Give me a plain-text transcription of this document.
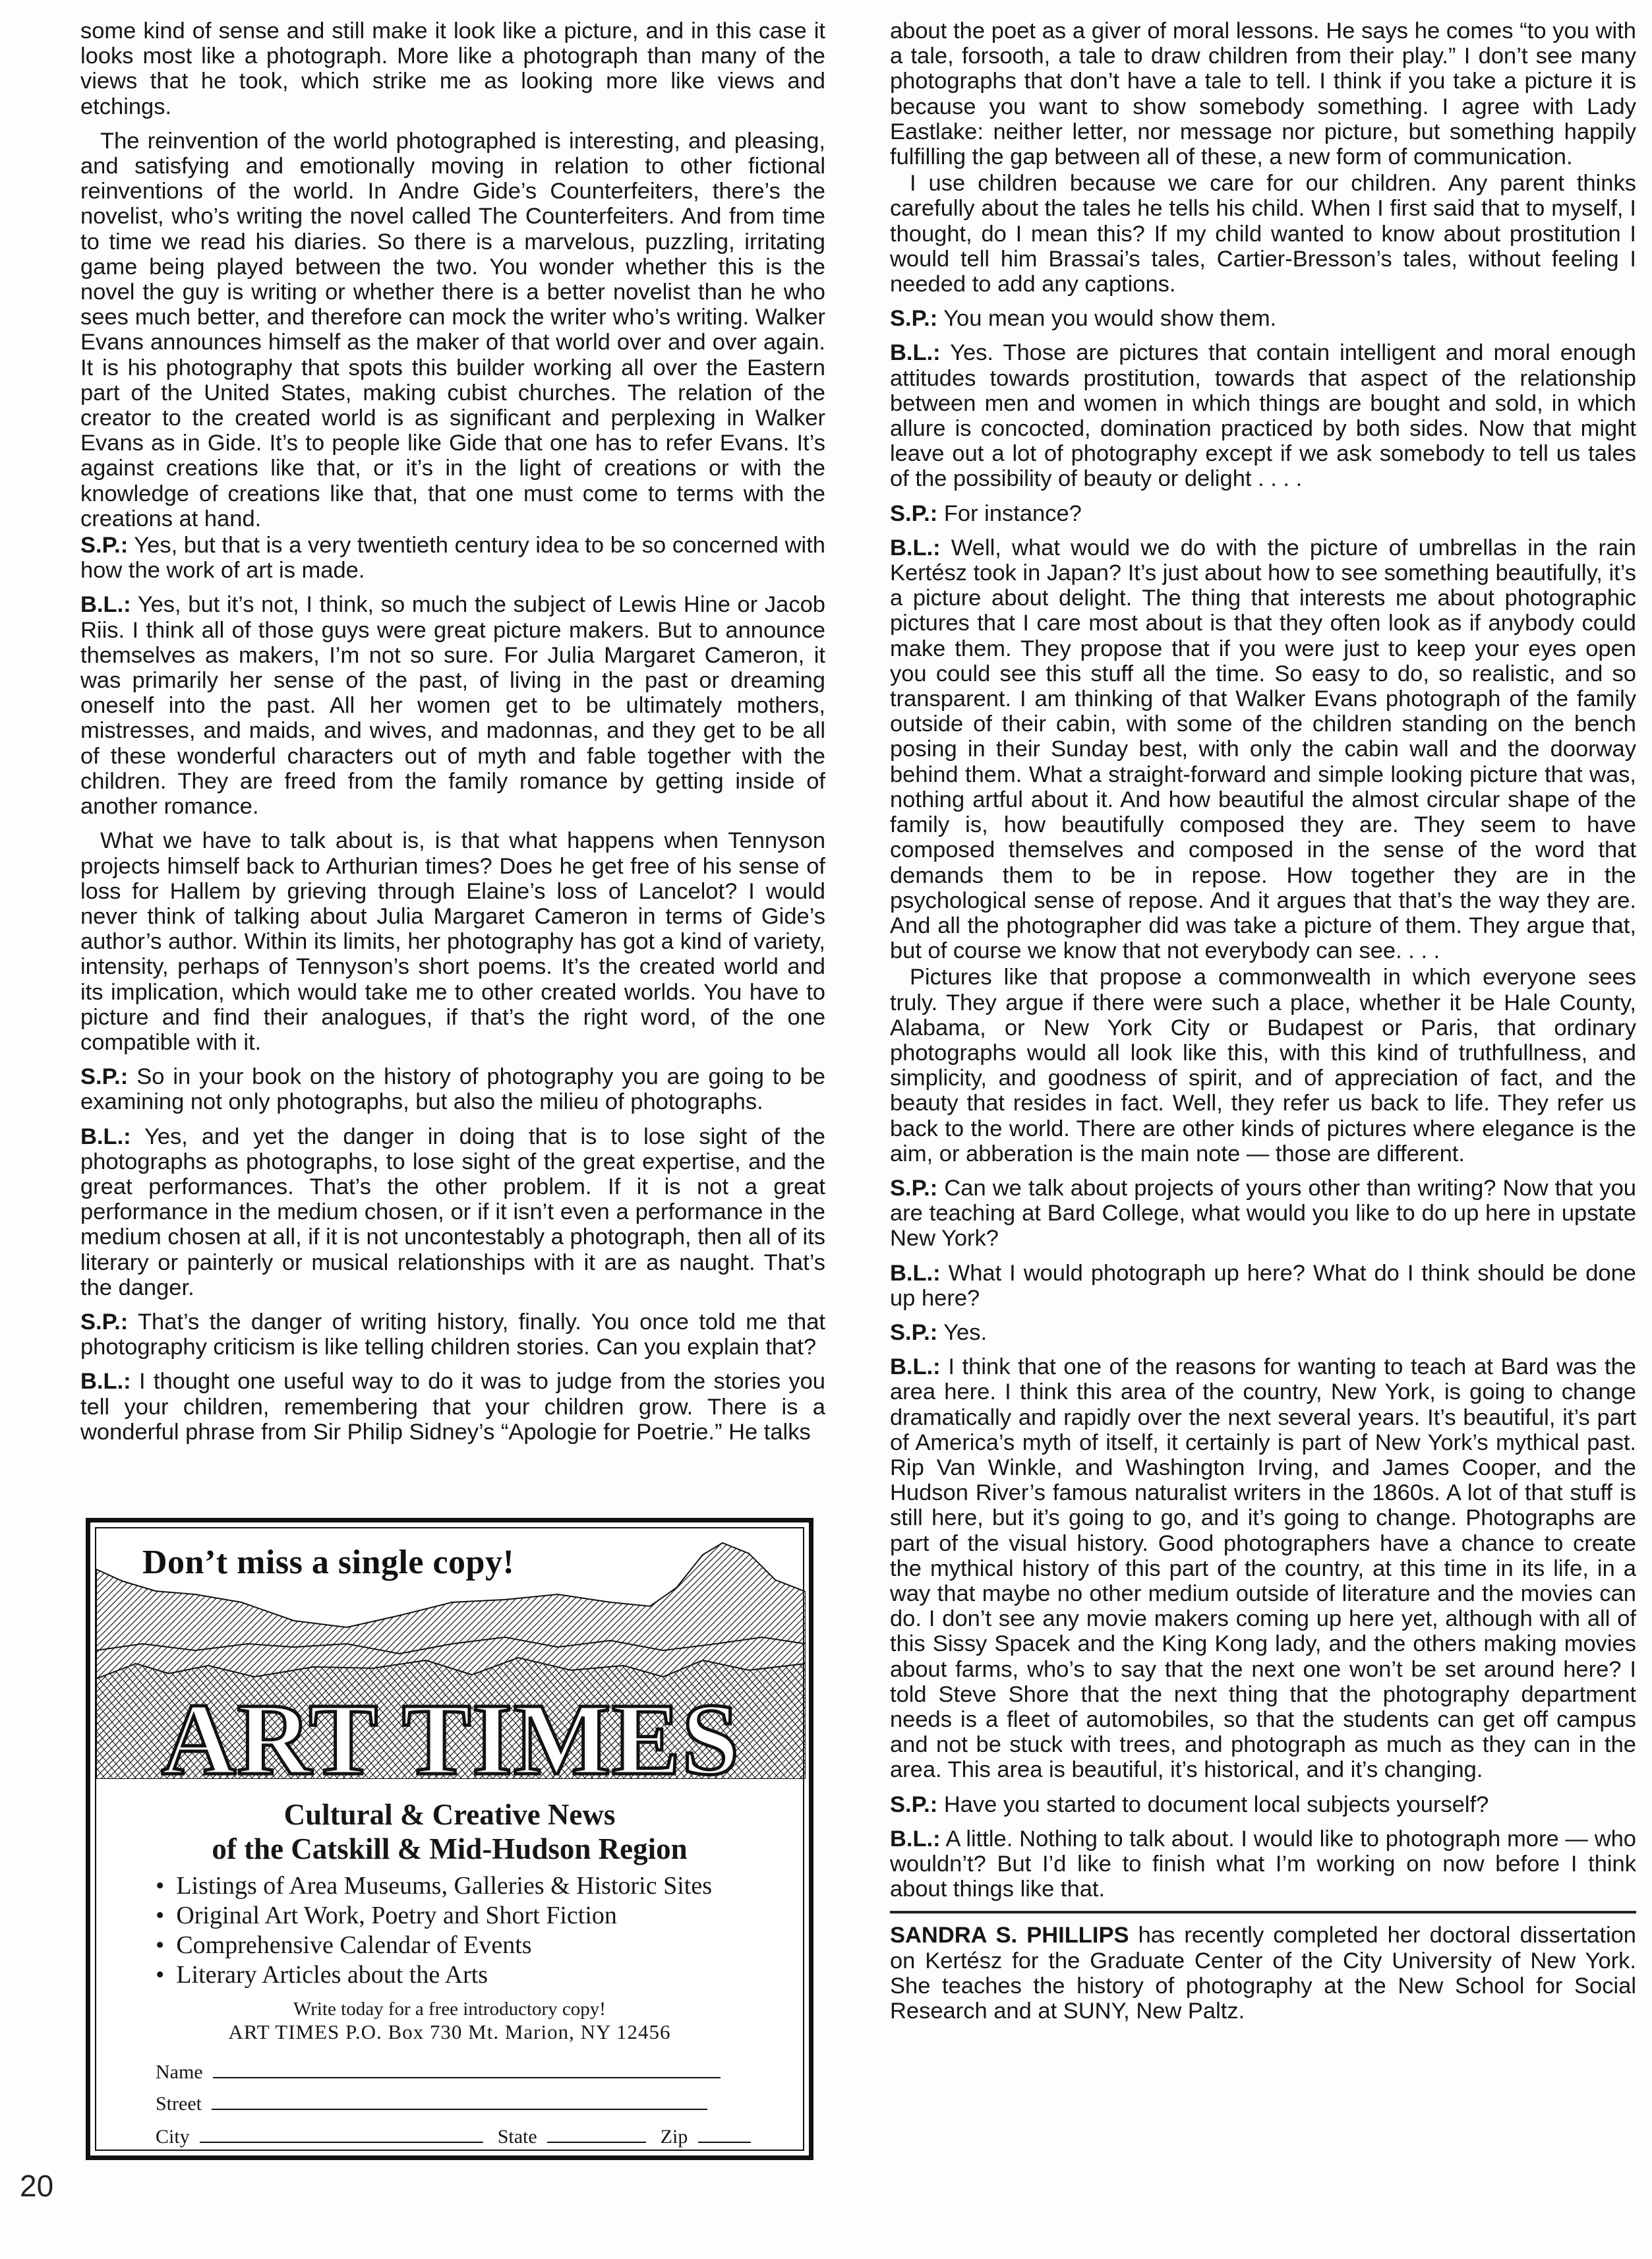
some kind of sense and still make it look like a picture, and in this case it looks most like a photograph. More like a photograph than many of the views that he took, which strike me as looking more like views and etchings.

The reinvention of the world photographed is interesting, and pleasing, and satisfying and emotionally moving in relation to other fictional reinventions of the world. In Andre Gide’s Counterfeiters, there’s the novelist, who’s writing the novel called The Counterfeiters. And from time to time we read his diaries. So there is a marvelous, puzzling, irritating game being played between the two. You wonder whether this is the novel the guy is writing or whether there is a better novelist than he who sees much better, and therefore can mock the writer who’s writing. Walker Evans announces himself as the maker of that world over and over again. It is his photography that spots this builder working all over the Eastern part of the United States, making cubist churches. The relation of the creator to the created world is as significant and perplexing in Walker Evans as in Gide. It’s to people like Gide that one has to refer Evans. It’s against creations like that, or it’s in the light of creations or with the knowledge of creations like that, that one must come to terms with the creations at hand.

S.P.: Yes, but that is a very twentieth century idea to be so concerned with how the work of art is made.

B.L.: Yes, but it’s not, I think, so much the subject of Lewis Hine or Jacob Riis. I think all of those guys were great picture makers. But to announce themselves as makers, I’m not so sure. For Julia Margaret Cameron, it was primarily her sense of the past, of living in the past or dreaming oneself into the past. All her women get to be ultimately mothers, mistresses, and maids, and wives, and madonnas, and they get to be all of these wonderful characters out of myth and fable together with the children. They are freed from the family romance by getting inside of another romance.

What we have to talk about is, is that what happens when Tennyson projects himself back to Arthurian times? Does he get free of his sense of loss for Hallem by grieving through Elaine’s loss of Lancelot? I would never think of talking about Julia Margaret Cameron in terms of Gide’s author’s author. Within its limits, her photography has got a kind of variety, intensity, perhaps of Tennyson’s short poems. It’s the created world and its implication, which would take me to other created worlds. You have to picture and find their analogues, if that’s the right word, of the one compatible with it.

S.P.: So in your book on the history of photography you are going to be examining not only photographs, but also the milieu of photographs.

B.L.: Yes, and yet the danger in doing that is to lose sight of the photographs as photographs, to lose sight of the great expertise, and the great performances. That’s the other problem. If it is not a great performance in the medium chosen, or if it isn’t even a performance in the medium chosen at all, if it is not uncontestably a photograph, then all of its literary or painterly or musical relationships with it are as naught. That’s the danger.

S.P.: That’s the danger of writing history, finally. You once told me that photography criticism is like telling children stories. Can you explain that?

B.L.: I thought one useful way to do it was to judge from the stories you tell your children, remembering that your children grow. There is a wonderful phrase from Sir Philip Sidney’s “Apologie for Poetrie.” He talks

about the poet as a giver of moral lessons. He says he comes “to you with a tale, forsooth, a tale to draw children from their play.” I don’t see many photographs that don’t have a tale to tell. I think if you take a picture it is because you want to show somebody something. I agree with Lady Eastlake: neither letter, nor message nor picture, but something happily fulfilling the gap between all of these, a new form of communication.

I use children because we care for our children. Any parent thinks carefully about the tales he tells his child. When I first said that to myself, I thought, do I mean this? If my child wanted to know about prostitution I would tell him Brassai’s tales, Cartier-Bresson’s tales, without feeling I needed to add any captions.

S.P.: You mean you would show them.

B.L.: Yes. Those are pictures that contain intelligent and moral enough attitudes towards prostitution, towards that aspect of the relationship between men and women in which things are bought and sold, in which allure is concocted, domination practiced by both sides. Now that might leave out a lot of photography except if we ask somebody to tell us tales of the possibility of beauty or delight . . . .

S.P.: For instance?

B.L.: Well, what would we do with the picture of umbrellas in the rain Kertész took in Japan? It’s just about how to see something beautifully, it’s a picture about delight. The thing that interests me about photographic pictures that I care most about is that they often look as if anybody could make them. They propose that if you were just to keep your eyes open you could see this stuff all the time. So easy to do, so realistic, and so transparent. I am thinking of that Walker Evans photograph of the family outside of their cabin, with some of the children standing on the bench posing in their Sunday best, with only the cabin wall and the doorway behind them. What a straight-forward and simple looking picture that was, nothing artful about it. And how beautiful the almost circular shape of the family is, how beautifully composed they are. They seem to have composed themselves and composed in the sense of the word that demands them to be in repose. How together they are in the psychological sense of repose. And it argues that that’s the way they are. And all the photographer did was take a picture of them. They argue that, but of course we know that not everybody can see. . . .

Pictures like that propose a commonwealth in which everyone sees truly. They argue if there were such a place, whether it be Hale County, Alabama, or New York City or Budapest or Paris, that ordinary photographs would all look like this, with this kind of truthfullness, and simplicity, and goodness of spirit, and of appreciation of fact, and the beauty that resides in fact. Well, they refer us back to life. They refer us back to the world. There are other kinds of pictures where elegance is the aim, or abberation is the main note — those are different.

S.P.: Can we talk about projects of yours other than writing? Now that you are teaching at Bard College, what would you like to do up here in upstate New York?

B.L.: What I would photograph up here? What do I think should be done up here?

S.P.: Yes.

B.L.: I think that one of the reasons for wanting to teach at Bard was the area here. I think this area of the country, New York, is going to change dramatically and rapidly over the next several years. It’s beautiful, it’s part of America’s myth of itself, it certainly is part of New York’s mythical past. Rip Van Winkle, and Washington Irving, and James Cooper, and the Hudson River’s famous naturalist writers in the 1860s. A lot of that stuff is still here, but it’s going to go, and it’s going to change. Photographs are part of the visual history. Good photographers have a chance to create the mythical history of this part of the country, at this time in its life, in a way that maybe no other medium outside of literature and the movies can do. I don’t see any movie makers coming up here yet, although with all of this Sissy Spacek and the King Kong lady, and the others making movies about farms, who’s to say that the next one won’t be set around here? I told Steve Shore that the next thing that the photography department needs is a fleet of automobiles, so that the students can get off campus and not be stuck with trees, and photograph as much as they can in the area. This area is beautiful, it’s historical, and it’s changing.

S.P.: Have you started to document local subjects yourself?

B.L.: A little. Nothing to talk about. I would like to photograph more — who wouldn’t? But I’d like to finish what I’m working on now before I think about things like that.

SANDRA S. PHILLIPS has recently completed her doctoral dissertation on Kertész for the Graduate Center of the City University of New York. She teaches the history of photography at the New School for Social Research and at SUNY, New Paltz.

ART TIMES
Don’t miss a single copy!
Cultural & Creative News
of the Catskill & Mid-Hudson Region
• Listings of Area Museums, Galleries & Historic Sites
• Original Art Work, Poetry and Short Fiction
• Comprehensive Calendar of Events
• Literary Articles about the Arts
Write today for a free introductory copy!
ART TIMES P.O. Box 730 Mt. Marion, NY 12456
Name
Street
City	State	Zip
20
